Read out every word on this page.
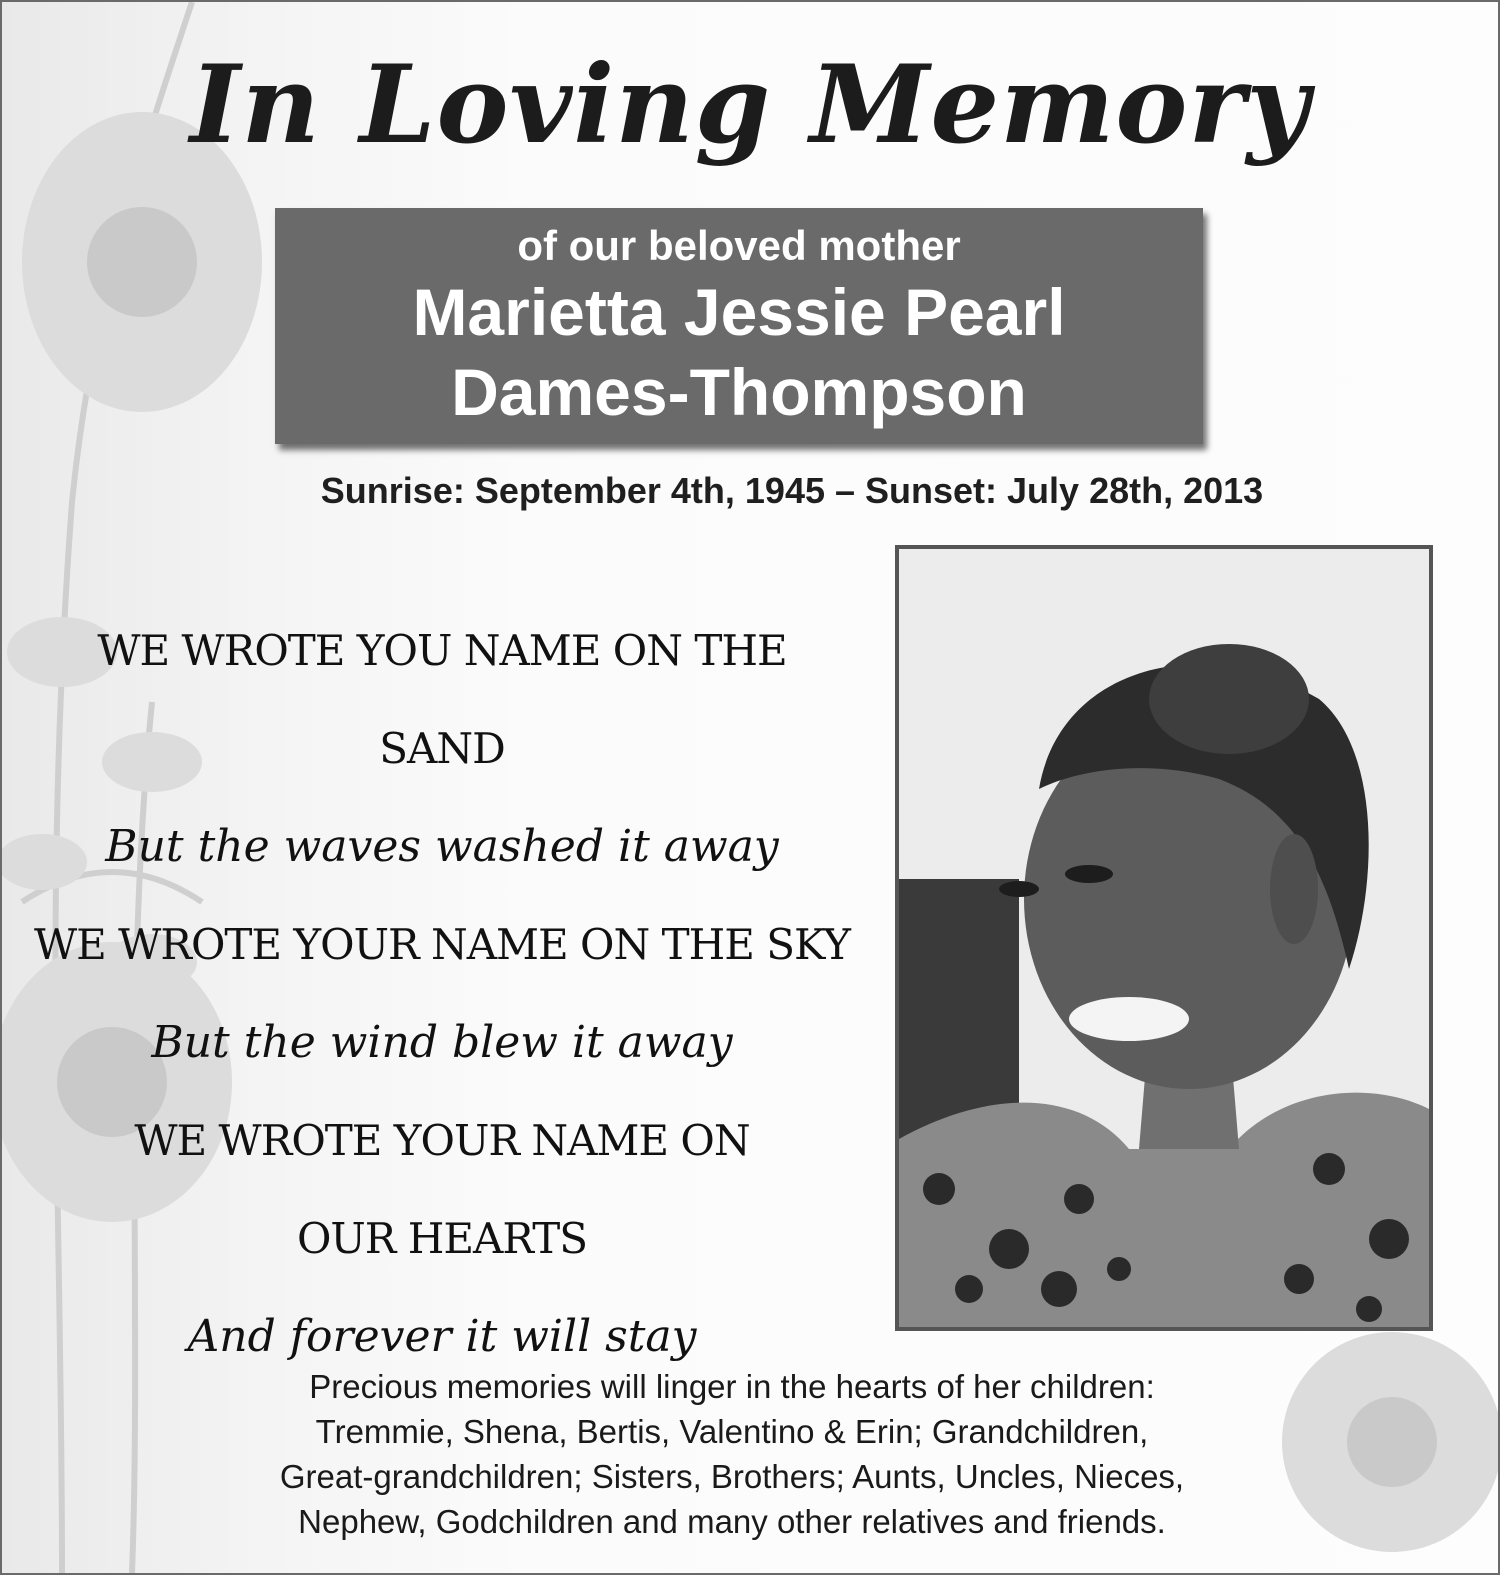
In Loving Memory
of our beloved mother
Marietta Jessie Pearl
Dames-Thompson
Sunrise: September 4th, 1945 – Sunset: July 28th, 2013
WE WROTE YOU NAME ON THE SAND
But the waves washed it away
WE WROTE YOUR NAME ON THE SKY
But the wind blew it away
WE WROTE YOUR NAME ON
OUR HEARTS
And forever it will stay
Precious memories will linger in the hearts of her children:
Tremmie, Shena, Bertis, Valentino & Erin; Grandchildren,
Great-grandchildren; Sisters, Brothers; Aunts, Uncles, Nieces,
Nephew, Godchildren and many other relatives and friends.
